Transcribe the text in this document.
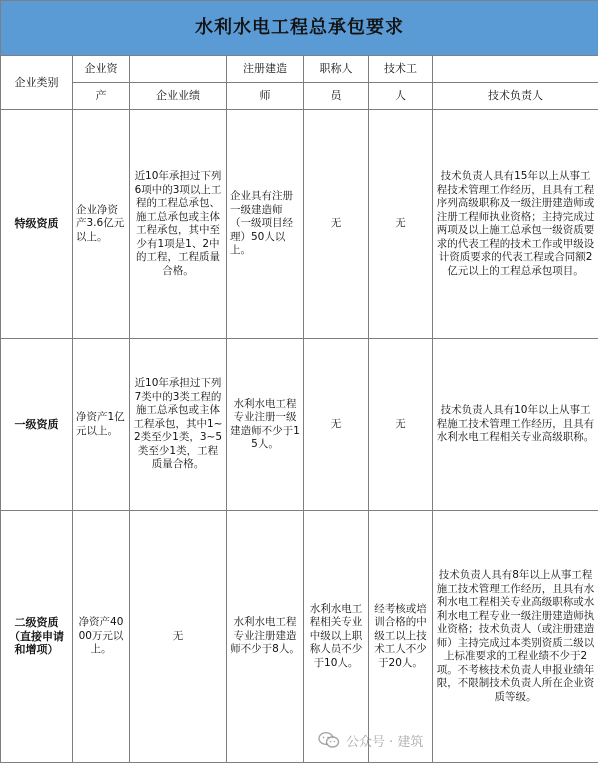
水利水电工程总承包要求						
企业类别	企业资		注册建造	职称人	技术工	
	产	企业业绩	师	员	人	技术负责人
特级资质	企业净资产3.6亿元以上。	近10年承担过下列6项中的3项以上工程的工程总承包、施工总承包或主体工程承包，其中至少有1项是1、2中的工程，工程质量合格。	企业具有注册一级建造师（一级项目经理）50人以上。	无	无	技术负责人具有15年以上从事工程技术管理工作经历，且具有工程序列高级职称及一级注册建造师或注册工程师执业资格；主持完成过两项及以上施工总承包一级资质要求的代表工程的技术工作或甲级设计资质要求的代表工程或合同额2亿元以上的工程总承包项目。
一级资质	净资产1亿元以上。	近10年承担过下列7类中的3类工程的施工总承包或主体工程承包，其中1~2类至少1类，3~5类至少1类，工程质量合格。	水利水电工程专业注册一级建造师不少于15人。	无	无	技术负责人具有10年以上从事工程施工技术管理工作经历，且具有水利水电工程相关专业高级职称。
二级资质（直接申请和增项）	净资产4000万元以上。	无	水利水电工程专业注册建造师不少于8人。	水利水电工程相关专业中级以上职称人员不少于10人。	经考核或培训合格的中级工以上技术工人不少于20人。	技术负责人具有8年以上从事工程施工技术管理工作经历，且具有水利水电工程相关专业高级职称或水利水电工程专业一级注册建造师执业资格；技术负责人（或注册建造师）主持完成过本类别资质二级以上标准要求的工程业绩不少于2项。不考核技术负责人申报业绩年限，不限制技术负责人所在企业资质等级。
公众号 · 建筑
